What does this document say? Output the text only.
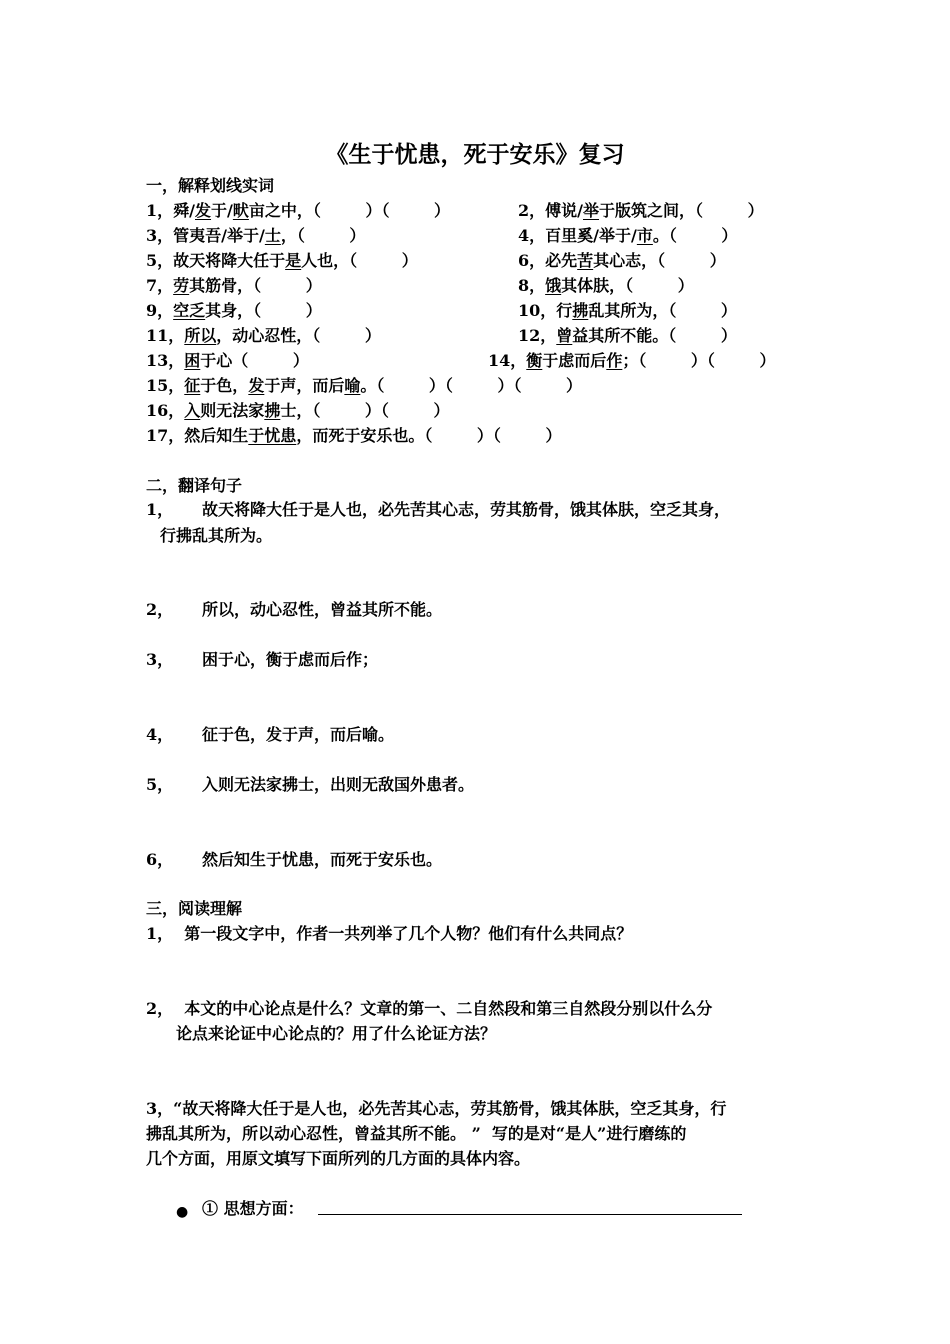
《生于忧患，死于安乐》复习
一，解释划线实词
1，舜/发于/畎亩之中，（        ）（        ）	2，傅说/举于版筑之间，（        ）
3，管夷吾/举于/士，（        ）	4，百里奚/举于/市。（        ）
5，故天将降大任于是人也，（        ）	6，必先苦其心志，（        ）
7，劳其筋骨，（        ）	8，饿其体肤，（        ）
9，空乏其身，（        ）	10，行拂乱其所为，（        ）
11，所以，动心忍性，（        ）	12，曾益其所不能。（        ）
13，困于心（        ）	14，衡于虑而后作；（        ）（        ）
15，征于色，发于声，而后喻。（        ）（        ）（        ）
16，入则无法家拂士，（        ）（        ）
17，然后知生于忧患，而死于安乐也。（        ）（        ）
二，翻译句子
1， 故天将降大任于是人也，必先苦其心志，劳其筋骨，饿其体肤，空乏其身，
行拂乱其所为。
2， 所以，动心忍性，曾益其所不能。
3， 困于心，衡于虑而后作；
4， 征于色，发于声，而后喻。
5， 入则无法家拂士，出则无敌国外患者。
6， 然后知生于忧患，而死于安乐也。
三，阅读理解
1，  第一段文字中，作者一共列举了几个人物？他们有什么共同点？
2，  本文的中心论点是什么？文章的第一、二自然段和第三自然段分别以什么分
论点来论证中心论点的？用了什么论证方法？
3，“故天将降大任于是人也，必先苦其心志，劳其筋骨，饿其体肤，空乏其身，行
拂乱其所为，所以动心忍性，曾益其所不能。 ”  写的是对“是人”进行磨练的
几个方面，用原文填写下面所列的几方面的具体内容。
● ① 思想方面：
